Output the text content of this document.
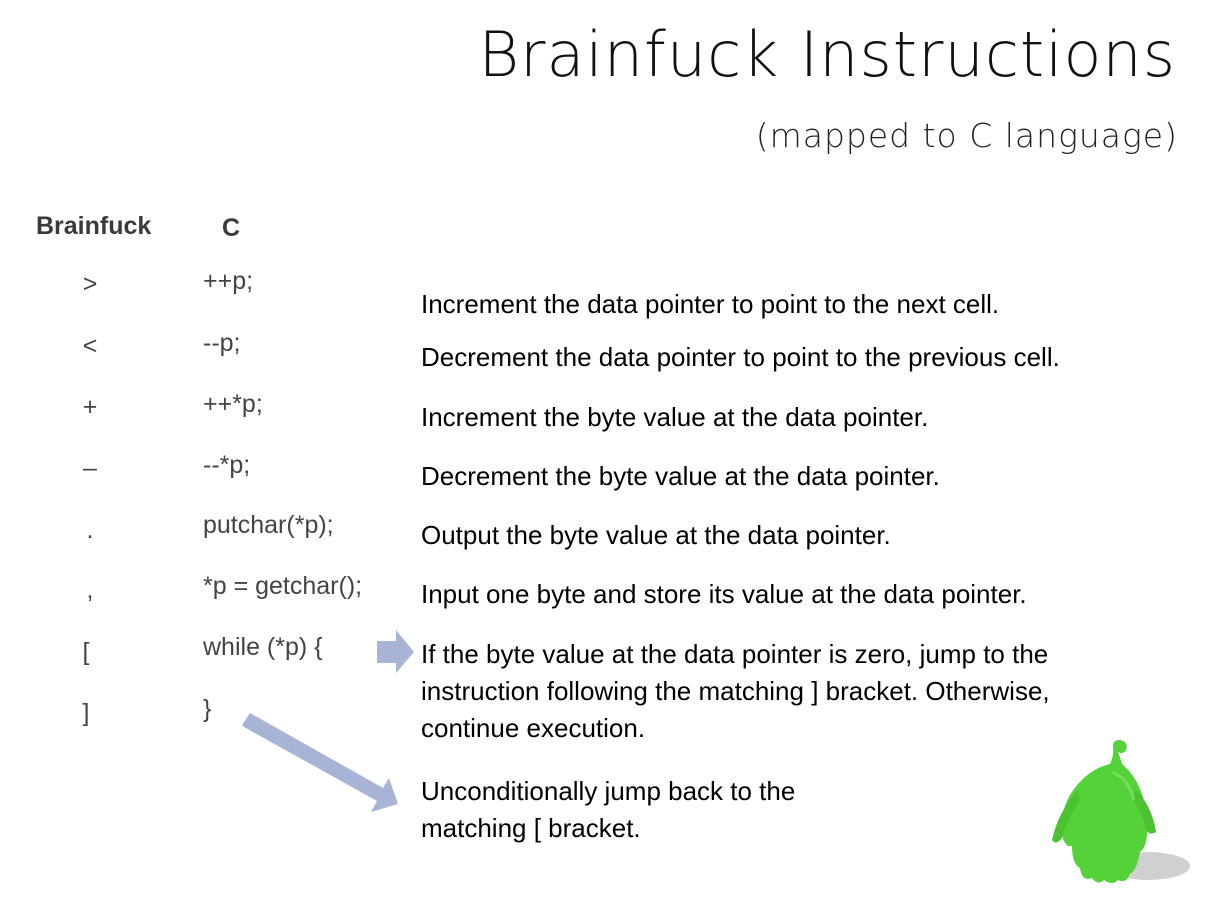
Brainfuck Instructions
(mapped to C language)
Brainfuck	C
>
<
+
–
.
,
[
]
++p;
--p;
++*p;
--*p;
putchar(*p);
*p = getchar();
while (*p) {
}
Increment the data pointer to point to the next cell.
Decrement the data pointer to point to the previous cell.
Increment the byte value at the data pointer.
Decrement the byte value at the data pointer.
Output the byte value at the data pointer.
Input one byte and store its value at the data pointer.
If the byte value at the data pointer is zero, jump to the
instruction following the matching ] bracket. Otherwise,
continue execution.
Unconditionally jump back to the
matching [ bracket.
